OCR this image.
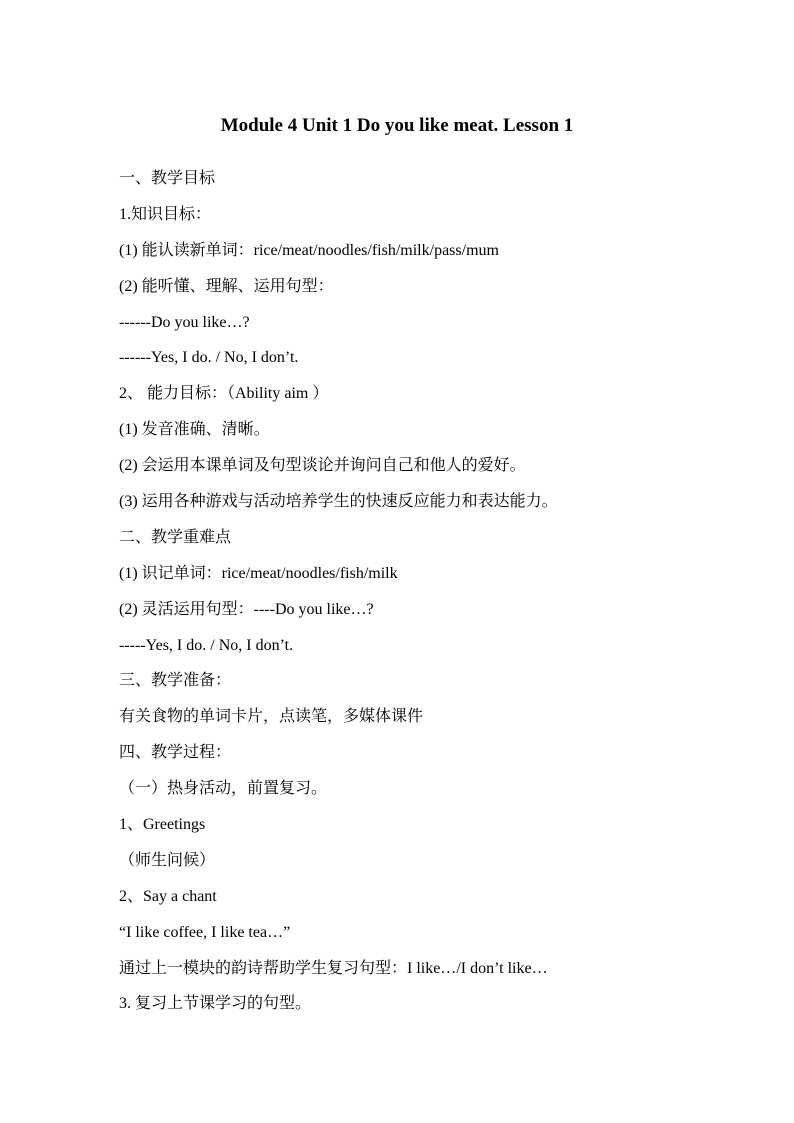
Module 4 Unit 1 Do you like meat. Lesson 1
一、教学目标
1.知识目标：
(1) 能认读新单词：rice/meat/noodles/fish/milk/pass/mum
(2) 能听懂、理解、运用句型：
------Do you like…?
------Yes, I do. / No, I don’t.
2、 能力目标：（Ability aim ）
(1) 发音准确、清晰。
(2) 会运用本课单词及句型谈论并询问自己和他人的爱好。
(3) 运用各种游戏与活动培养学生的快速反应能力和表达能力。
二、教学重难点
(1) 识记单词：rice/meat/noodles/fish/milk
(2) 灵活运用句型：----Do you like…?
-----Yes, I do. / No, I don’t.
三、教学准备：
有关食物的单词卡片，点读笔，多媒体课件
四、教学过程：
（一）热身活动，前置复习。
1、Greetings
（师生问候）
2、Say a chant
“I like coffee, I like tea…”
通过上一模块的韵诗帮助学生复习句型：I like…/I don’t like…
3. 复习上节课学习的句型。
